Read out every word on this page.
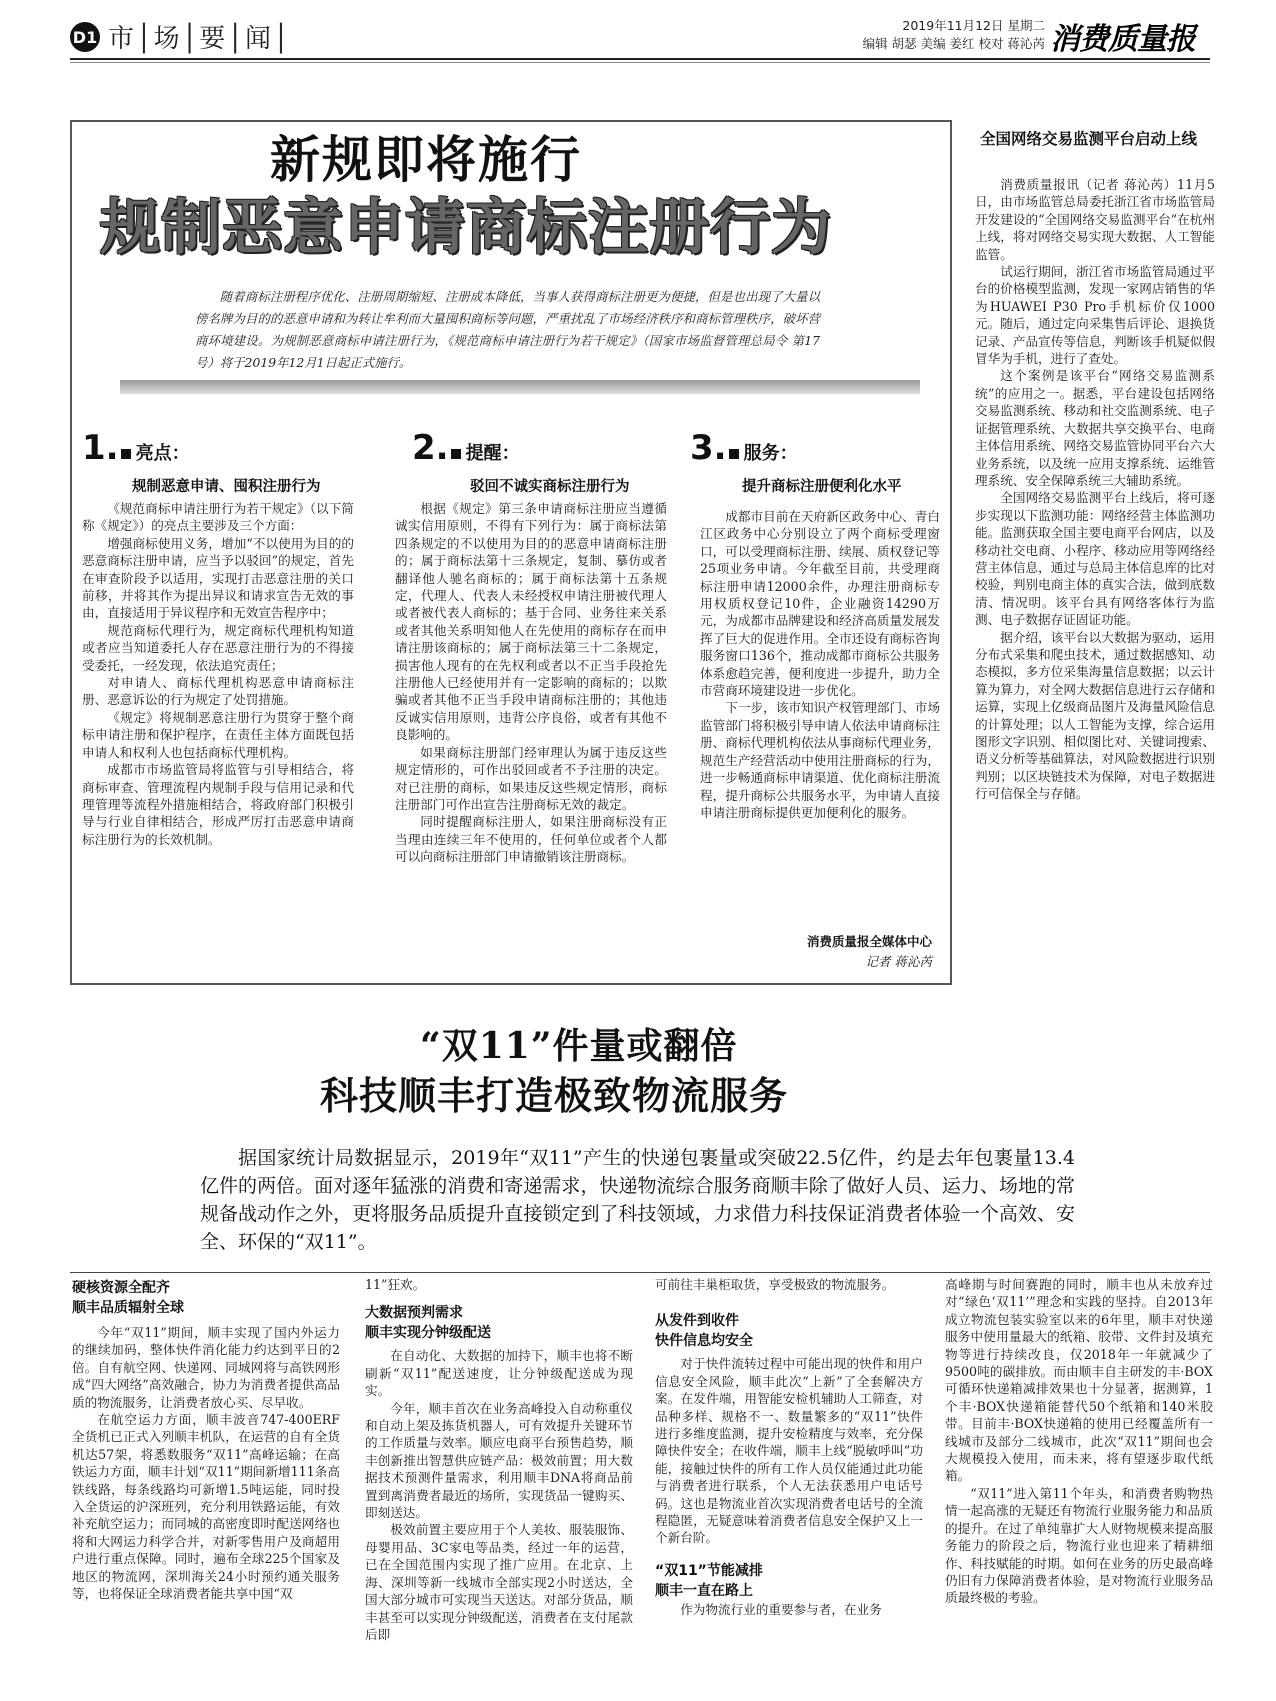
D1 市│场│要│闻│	2019年11月12日 星期二
编辑 胡瑟 美编 姜红 校对 蒋沁芮 消费质量报
新规即将施行
规制恶意申请商标注册行为
随着商标注册程序优化、注册周期缩短、注册成本降低，当事人获得商标注册更为便捷，但是也出现了大量以傍名牌为目的的恶意申请和为转让牟利而大量囤积商标等问题，严重扰乱了市场经济秩序和商标管理秩序，破坏营商环境建设。为规制恶意商标申请注册行为，《规范商标申请注册行为若干规定》（国家市场监督管理总局令 第17号）将于2019年12月1日起正式施行。
1. 亮点：
规制恶意申请、囤积注册行为

《规范商标申请注册行为若干规定》（以下简称《规定》）的亮点主要涉及三个方面：

增强商标使用义务，增加“不以使用为目的的恶意商标注册申请，应当予以驳回”的规定，首先在审查阶段予以适用，实现打击恶意注册的关口前移，并将其作为提出异议和请求宣告无效的事由，直接适用于异议程序和无效宣告程序中；

规范商标代理行为，规定商标代理机构知道或者应当知道委托人存在恶意注册行为的不得接受委托，一经发现，依法追究责任；

对申请人、商标代理机构恶意申请商标注册、恶意诉讼的行为规定了处罚措施。

《规定》将规制恶意注册行为贯穿于整个商标申请注册和保护程序，在责任主体方面既包括申请人和权利人也包括商标代理机构。

成都市市场监管局将监管与引导相结合，将商标审查、管理流程内规制手段与信用记录和代理管理等流程外措施相结合，将政府部门积极引导与行业自律相结合，形成严厉打击恶意申请商标注册行为的长效机制。

2. 提醒：
驳回不诚实商标注册行为

根据《规定》第三条申请商标注册应当遵循诚实信用原则，不得有下列行为：属于商标法第四条规定的不以使用为目的的恶意申请商标注册的；属于商标法第十三条规定，复制、摹仿或者翻译他人驰名商标的；属于商标法第十五条规定，代理人、代表人未经授权申请注册被代理人或者被代表人商标的；基于合同、业务往来关系或者其他关系明知他人在先使用的商标存在而申请注册该商标的；属于商标法第三十二条规定，损害他人现有的在先权利或者以不正当手段抢先注册他人已经使用并有一定影响的商标的；以欺骗或者其他不正当手段申请商标注册的；其他违反诚实信用原则，违背公序良俗，或者有其他不良影响的。

如果商标注册部门经审理认为属于违反这些规定情形的，可作出驳回或者不予注册的决定。对已注册的商标，如果违反这些规定情形，商标注册部门可作出宣告注册商标无效的裁定。

同时提醒商标注册人，如果注册商标没有正当理由连续三年不使用的，任何单位或者个人都可以向商标注册部门申请撤销该注册商标。

3. 服务：
提升商标注册便利化水平

成都市目前在天府新区政务中心、青白江区政务中心分别设立了两个商标受理窗口，可以受理商标注册、续展、质权登记等25项业务申请。今年截至目前，共受理商标注册申请12000余件，办理注册商标专用权质权登记10件，企业融资14290万元，为成都市品牌建设和经济高质量发展发挥了巨大的促进作用。全市还设有商标咨询服务窗口136个，推动成都市商标公共服务体系愈趋完善，便利度进一步提升，助力全市营商环境建设进一步优化。

下一步，该市知识产权管理部门、市场监管部门将积极引导申请人依法申请商标注册、商标代理机构依法从事商标代理业务，规范生产经营活动中使用注册商标的行为，进一步畅通商标申请渠道、优化商标注册流程，提升商标公共服务水平，为申请人直接申请注册商标提供更加便利化的服务。

消费质量报全媒体中心
记者 蒋沁芮
全国网络交易监测平台启动上线

消费质量报讯（记者 蒋沁芮）11月5日，由市场监管总局委托浙江省市场监管局开发建设的“全国网络交易监测平台”在杭州上线，将对网络交易实现大数据、人工智能监管。

试运行期间，浙江省市场监管局通过平台的价格模型监测，发现一家网店销售的华为HUAWEI P30 Pro手机标价仅1000元。随后，通过定向采集售后评论、退换货记录、产品宣传等信息，判断该手机疑似假冒华为手机，进行了查处。

这个案例是该平台“网络交易监测系统”的应用之一。据悉，平台建设包括网络交易监测系统、移动和社交监测系统、电子证据管理系统、大数据共享交换平台、电商主体信用系统、网络交易监管协同平台六大业务系统，以及统一应用支撑系统、运维管理系统、安全保障系统三大辅助系统。

全国网络交易监测平台上线后，将可逐步实现以下监测功能：网络经营主体监测功能。监测获取全国主要电商平台网店，以及移动社交电商、小程序、移动应用等网络经营主体信息，通过与总局主体信息库的比对校验，判别电商主体的真实合法，做到底数清、情况明。该平台具有网络客体行为监测、电子数据存证固证功能。

据介绍，该平台以大数据为驱动，运用分布式采集和爬虫技术，通过数据感知、动态模拟，多方位采集海量信息数据；以云计算为算力，对全网大数据信息进行云存储和运算，实现上亿级商品图片及海量风险信息的计算处理；以人工智能为支撑，综合运用图形文字识别、相似图比对、关键词搜索、语义分析等基础算法，对风险数据进行识别判别；以区块链技术为保障，对电子数据进行可信保全与存储。

“双11”件量或翻倍
科技顺丰打造极致物流服务
据国家统计局数据显示，2019年“双11”产生的快递包裹量或突破22.5亿件，约是去年包裹量13.4亿件的两倍。面对逐年猛涨的消费和寄递需求，快递物流综合服务商顺丰除了做好人员、运力、场地的常规备战动作之外，更将服务品质提升直接锁定到了科技领域，力求借力科技保证消费者体验一个高效、安全、环保的“双11”。
硬核资源全配齐
顺丰品质辐射全球

今年“双11”期间，顺丰实现了国内外运力的继续加码，整体快件消化能力约达到平日的2倍。自有航空网、快递网、同城网将与高铁网形成“四大网络”高效融合，协力为消费者提供高品质的物流服务，让消费者放心买、尽早收。

在航空运力方面，顺丰波音747-400ERF全货机已正式入列顺丰机队，在运营的自有全货机达57架，将悉数服务“双11”高峰运输；在高铁运力方面，顺丰计划“双11”期间新增111条高铁线路，每条线路均可新增1.5吨运能，同时投入全货运的沪深班列，充分利用铁路运能，有效补充航空运力；而同城的高密度即时配送网络也将和大网运力科学合并，对新零售用户及商超用户进行重点保障。同时，遍布全球225个国家及地区的物流网，深圳海关24小时预约通关服务等，也将保证全球消费者能共享中国“双

11”狂欢。

大数据预判需求
顺丰实现分钟级配送

在自动化、大数据的加持下，顺丰也将不断刷新“双11”配送速度，让分钟级配送成为现实。

今年，顺丰首次在业务高峰投入自动称重仪和自动上架及拣货机器人，可有效提升关键环节的工作质量与效率。顺应电商平台预售趋势，顺丰创新推出智慧供应链产品：极效前置；用大数据技术预测件量需求，利用顺丰DNA将商品前置到离消费者最近的场所，实现货品一键购买、即刻送达。

极效前置主要应用于个人美妆、服装服饰、母婴用品、3C家电等品类，经过一年的运营，已在全国范围内实现了推广应用。在北京、上海、深圳等新一线城市全部实现2小时送达，全国大部分城市可实现当天送达。对部分货品，顺丰甚至可以实现分钟级配送，消费者在支付尾款后即

可前往丰巢柜取货，享受极致的物流服务。

从发件到收件
快件信息均安全

对于快件流转过程中可能出现的快件和用户信息安全风险，顺丰此次“上新”了全套解决方案。在发件端，用智能安检机辅助人工筛查，对品种多样、规格不一、数量繁多的“双11”快件进行多维度监测，提升安检精度与效率，充分保障快件安全；在收件端，顺丰上线“脱敏呼叫”功能，接触过快件的所有工作人员仅能通过此功能与消费者进行联系，个人无法获悉用户电话号码。这也是物流业首次实现消费者电话号的全流程隐匿，无疑意味着消费者信息安全保护又上一个新台阶。

“双11”节能减排
顺丰一直在路上

作为物流行业的重要参与者，在业务

高峰期与时间赛跑的同时，顺丰也从未放弃过对“绿色‘双11’”理念和实践的坚持。自2013年成立物流包装实验室以来的6年里，顺丰对快递服务中使用量最大的纸箱、胶带、文件封及填充物等进行持续改良，仅2018年一年就减少了9500吨的碳排放。而由顺丰自主研发的丰·BOX可循环快递箱减排效果也十分显著，据测算，1个丰·BOX快递箱能替代50个纸箱和140米胶带。目前丰·BOX快递箱的使用已经覆盖所有一线城市及部分二线城市，此次“双11”期间也会大规模投入使用，而未来，将有望逐步取代纸箱。

“双11”进入第11个年头，和消费者购物热情一起高涨的无疑还有物流行业服务能力和品质的提升。在过了单纯靠扩大人财物规模来提高服务能力的阶段之后，物流行业也迎来了精耕细作、科技赋能的时期。如何在业务的历史最高峰仍旧有力保障消费者体验，是对物流行业服务品质最终极的考验。
